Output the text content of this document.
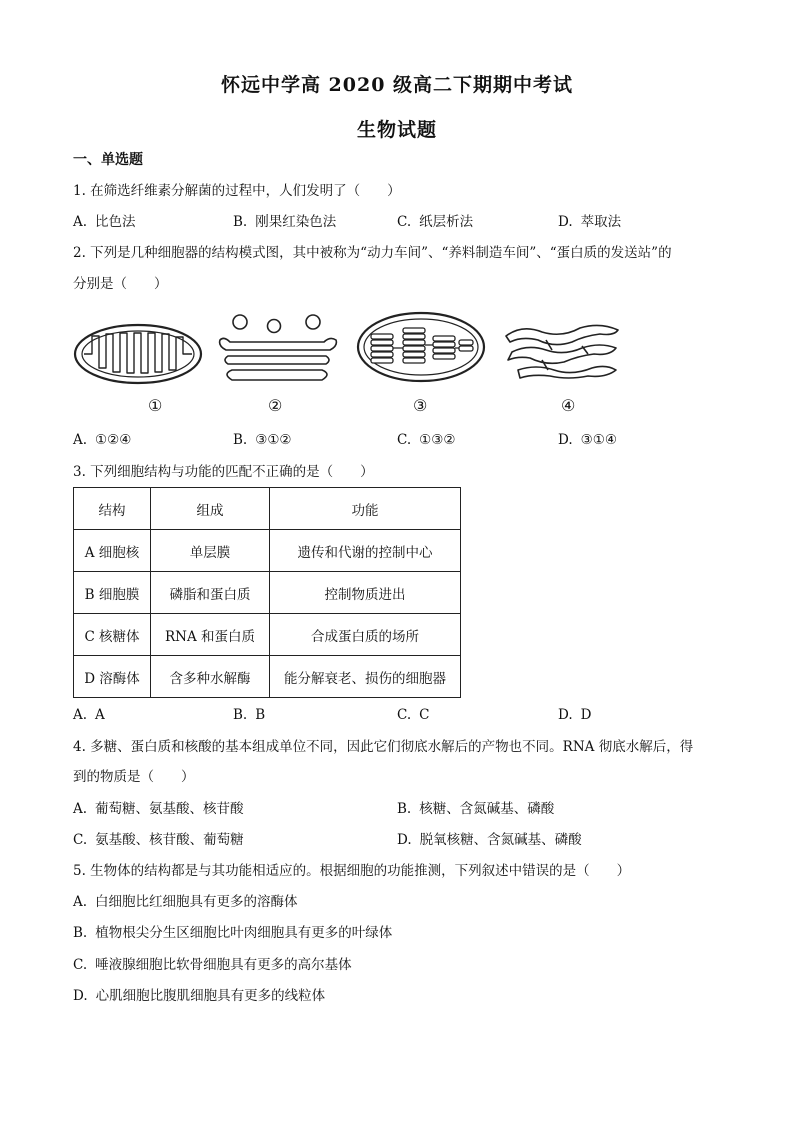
怀远中学高 2020 级高二下期期中考试
生物试题
一、单选题
1. 在筛选纤维素分解菌的过程中，人们发明了（　　）
A. 比色法	B. 刚果红染色法	C. 纸层析法	D. 萃取法
2. 下列是几种细胞器的结构模式图，其中被称为“动力车间”、“养料制造车间”、“蛋白质的发送站”的
分别是（　　）
①	②	③	④
A. ①②④	B. ③①②	C. ①③②	D. ③①④
3. 下列细胞结构与功能的匹配不正确的是（　　）
结构	组成	功能
A 细胞核	单层膜	遗传和代谢的控制中心
B 细胞膜	磷脂和蛋白质	控制物质进出
C 核糖体	RNA 和蛋白质	合成蛋白质的场所
D 溶酶体	含多种水解酶	能分解衰老、损伤的细胞器
A. A	B. B	C. C	D. D
4. 多糖、蛋白质和核酸的基本组成单位不同，因此它们彻底水解后的产物也不同。RNA 彻底水解后，得
到的物质是（　　）
A. 葡萄糖、氨基酸、核苷酸	B. 核糖、含氮碱基、磷酸
C. 氨基酸、核苷酸、葡萄糖	D. 脱氧核糖、含氮碱基、磷酸
5. 生物体的结构都是与其功能相适应的。根据细胞的功能推测，下列叙述中错误的是（　　）
A. 白细胞比红细胞具有更多的溶酶体
B. 植物根尖分生区细胞比叶肉细胞具有更多的叶绿体
C. 唾液腺细胞比软骨细胞具有更多的高尔基体
D. 心肌细胞比腹肌细胞具有更多的线粒体
